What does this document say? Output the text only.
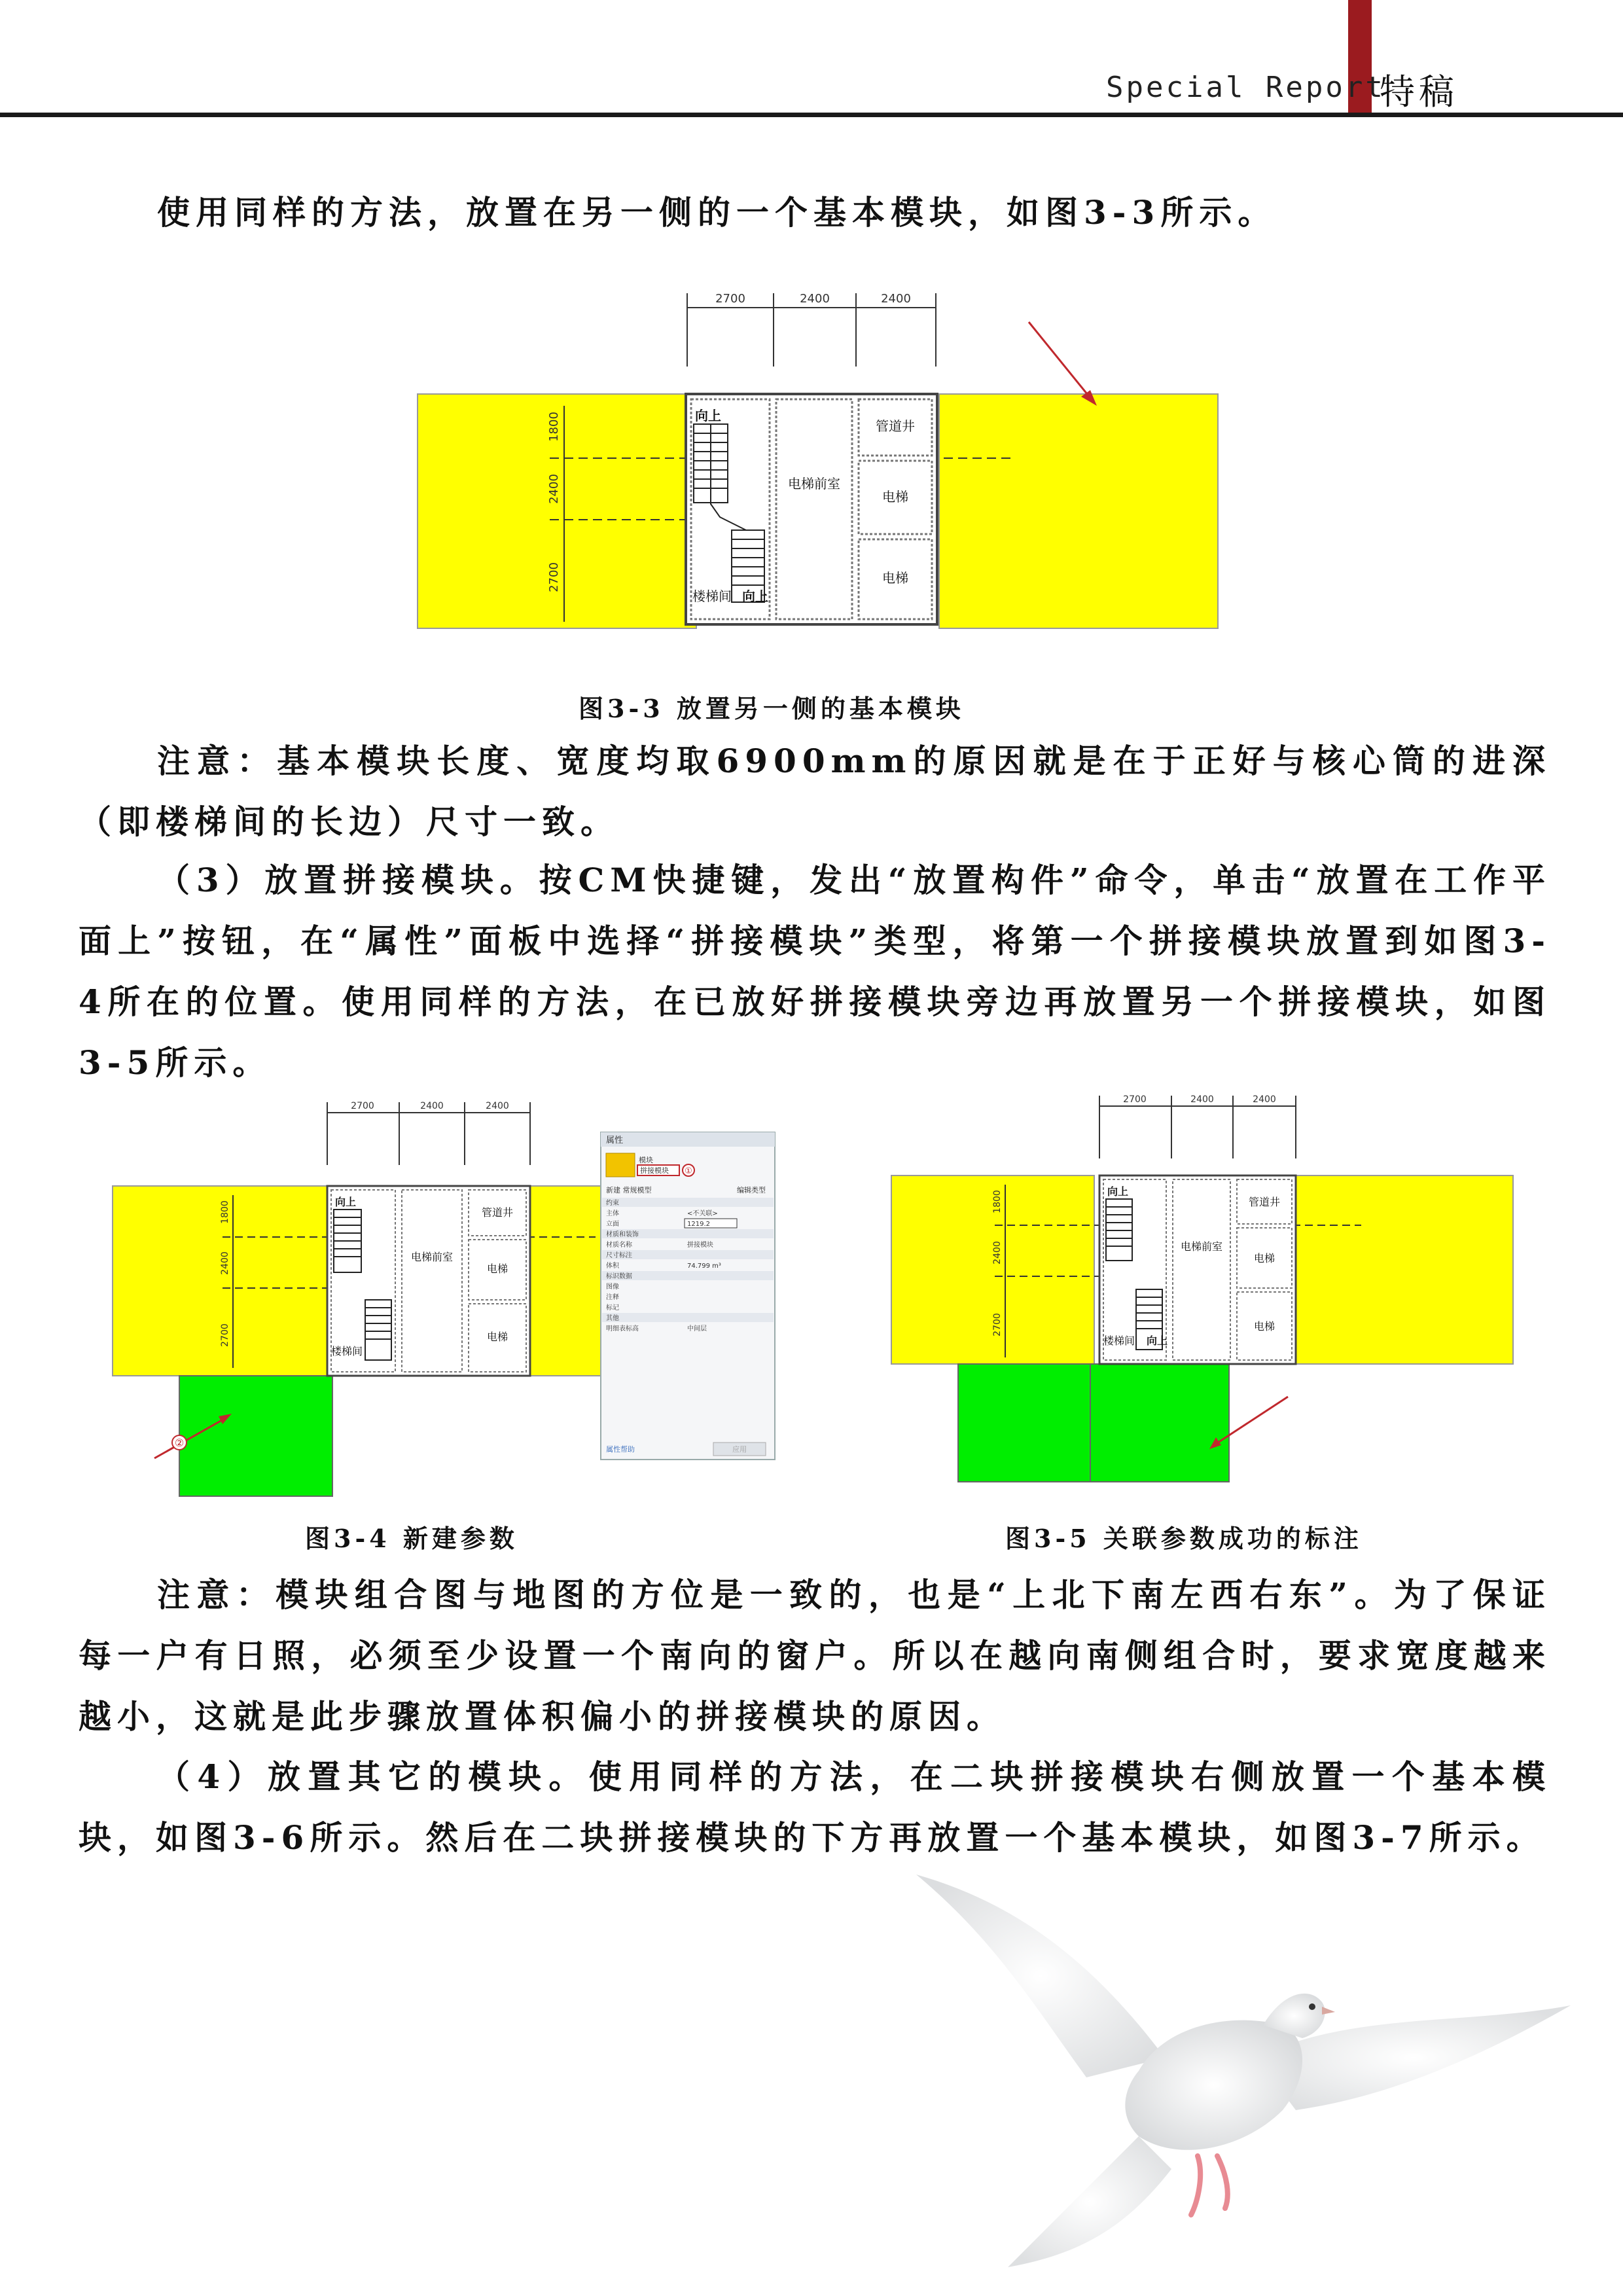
Special Report
特稿

使用同样的方法，放置在另一侧的一个基本模块，如图3-3所示。

2700	2400	2400
1800
2400
2700
向上
向上
楼梯间
电梯前室
管道井
电梯
电梯
图3-3 放置另一侧的基本模块

注意：基本模块长度、宽度均取6900mm的原因就是在于正好与核心筒的进深（即楼梯间的长边）尺寸一致。

（3）放置拼接模块。按CM快捷键，发出“放置构件”命令，单击“放置在工作平面上”按钮，在“属性”面板中选择“拼接模块”类型，将第一个拼接模块放置到如图3-4所在的位置。使用同样的方法，在已放好拼接模块旁边再放置另一个拼接模块，如图3-5所示。

2700	2400	2400
1800
2400
2700
向上
楼梯间
电梯前室
管道井
电梯
电梯
②
属性
模块
拼接模块 ①
新建 常规模型	编辑类型
约束
主体	<不关联>
立面	1219.2
材质和装饰
材质名称	拼接模块
尺寸标注
体积	74.799 m³
标识数据
图像
注释
标记
其他
明细表标高	中间层
属性帮助	应用
2700	2400	2400
1800
2400
2700
向上
向上
楼梯间
电梯前室
管道井
电梯
电梯
图3-4 新建参数	图3-5 关联参数成功的标注

注意：模块组合图与地图的方位是一致的，也是“上北下南左西右东”。为了保证每一户有日照，必须至少设置一个南向的窗户。所以在越向南侧组合时，要求宽度越来越小，这就是此步骤放置体积偏小的拼接模块的原因。

（4）放置其它的模块。使用同样的方法，在二块拼接模块右侧放置一个基本模块，如图3-6所示。然后在二块拼接模块的下方再放置一个基本模块，如图3-7所示。
